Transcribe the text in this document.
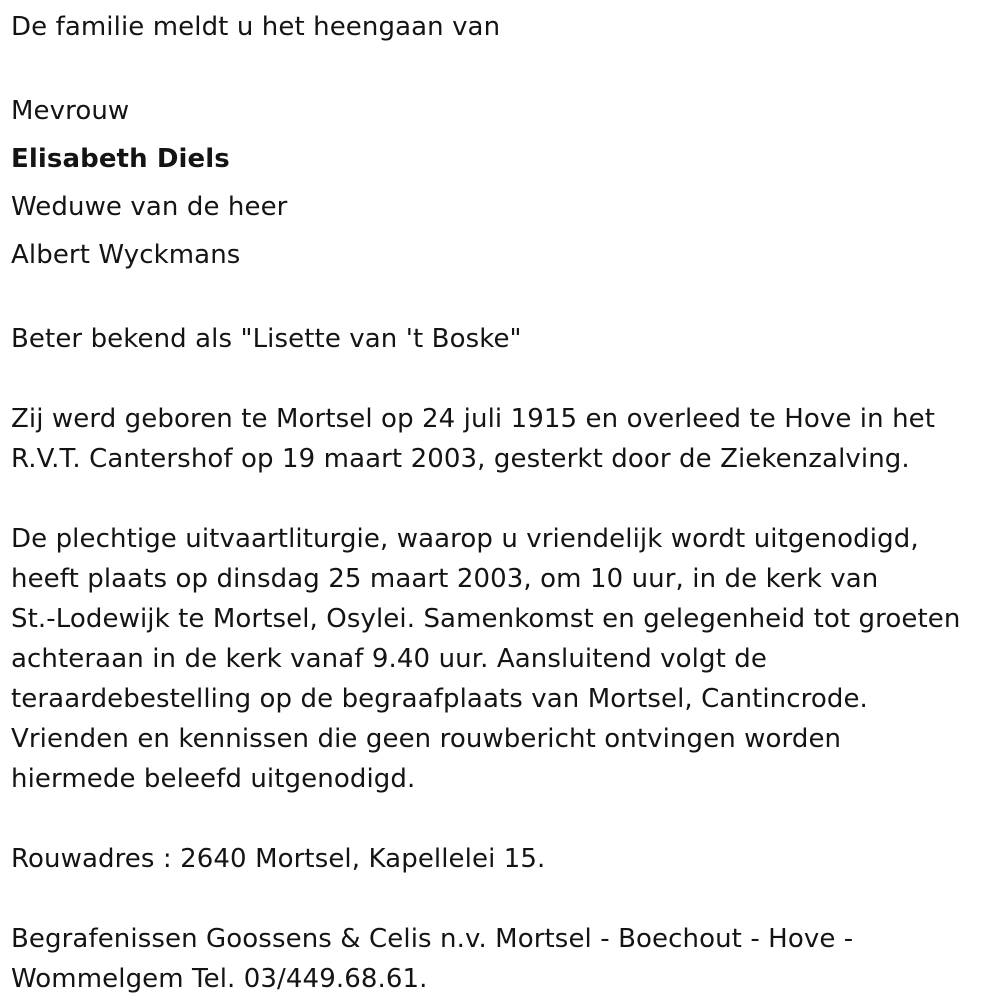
De familie meldt u het heengaan van
Mevrouw
Elisabeth Diels
Weduwe van de heer
Albert Wyckmans
Beter bekend als "Lisette van 't Boske"
Zij werd geboren te Mortsel op 24 juli 1915 en overleed te Hove in het
R.V.T. Cantershof op 19 maart 2003, gesterkt door de Ziekenzalving.
De plechtige uitvaartliturgie, waarop u vriendelijk wordt uitgenodigd,
heeft plaats op dinsdag 25 maart 2003, om 10 uur, in de kerk van
St.-Lodewijk te Mortsel, Osylei. Samenkomst en gelegenheid tot groeten
achteraan in de kerk vanaf 9.40 uur. Aansluitend volgt de
teraardebestelling op de begraafplaats van Mortsel, Cantincrode.
Vrienden en kennissen die geen rouwbericht ontvingen worden
hiermede beleefd uitgenodigd.
Rouwadres : 2640 Mortsel, Kapellelei 15.
Begrafenissen Goossens & Celis n.v. Mortsel - Boechout - Hove -
Wommelgem Tel. 03/449.68.61.
